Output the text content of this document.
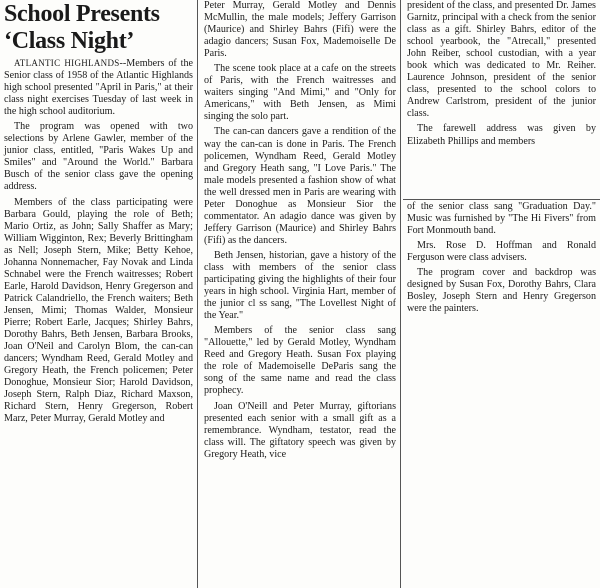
School Presents
‘Class Night’

ATLANTIC HIGHLANDS--Members of the Senior class of 1958 of the Atlantic Highlands high school presented "April in Paris," at their class night exercises Tuesday of last week in the high school auditorium.

The program was opened with two selections by Arlene Gawler, member of the junior class, entitled, "Paris Wakes Up and Smiles" and "Around the World." Barbara Busch of the senior class gave the opening address.

Members of the class participating were Barbara Gould, playing the role of Beth; Mario Ortiz, as John; Sally Shaffer as Mary; William Wigginton, Rex; Beverly Brittingham as Nell; Joseph Stern, Mike; Betty Kehoe, Johanna Nonnemacher, Fay Novak and Linda Schnabel were the French waitresses; Robert Earle, Harold Davidson, Henry Gregerson and Patrick Calandriello, the French waiters; Beth Jensen, Mimi; Thomas Walder, Monsieur Pierre; Robert Earle, Jacques; Shirley Bahrs, Dorothy Bahrs, Beth Jensen, Barbara Brooks, Joan O'Neil and Carolyn Blom, the can-can dancers; Wyndham Reed, Gerald Motley and Gregory Heath, the French policemen; Peter Donoghue, Monsieur Sior; Harold Davidson, Joseph Stern, Ralph Diaz, Richard Maxson, Richard Stern, Henry Gregerson, Robert Marz, Peter Murray, Gerald Motley and

Peter Murray, Gerald Motley and Dennis McMullin, the male models; Jeffery Garrison (Maurice) and Shirley Bahrs (Fifi) were the adagio dancers; Susan Fox, Mademoiselle De Paris.

The scene took place at a cafe on the streets of Paris, with the French waitresses and waiters singing "And Mimi," and "Only for Americans," with Beth Jensen, as Mimi singing the solo part.

The can-can dancers gave a rendition of the way the can-can is done in Paris. The French policemen, Wyndham Reed, Gerald Motley and Gregory Heath sang, "I Love Paris." The male models presented a fashion show of what the well dressed men in Paris are wearing with Peter Donoghue as Monsieur Sior the commentator. An adagio dance was given by Jeffery Garrison (Maurice) and Shirley Bahrs (Fifi) as the dancers.

Beth Jensen, historian, gave a history of the class with members of the senior class participating giving the highlights of their four years in high school. Virginia Hart, member of the junior cl ss sang, "The Lovellest Night of the Year."

Members of the senior class sang "Allouette," led by Gerald Motley, Wyndham Reed and Gregory Heath. Susan Fox playing the role of Mademoiselle DeParis sang the song of the same name and read the class prophecy.

Joan O'Neill and Peter Murray, giftorians presented each senior with a small gift as a remembrance. Wyndham, testator, read the class will. The giftatory speech was given by Gregory Heath, vice

president of the class, and presented Dr. James Garnitz, principal with a check from the senior class as a gift. Shirley Bahrs, editor of the school yearbook, the "Atrecall," presented John Reiber, school custodian, with a year book which was dedicated to Mr. Reiher. Laurence Johnson, president of the senior class, presented to the school colors to Andrew Carlstrom, president of the junior class.

The farewell address was given by Elizabeth Phillips and members

of the senior class sang "Graduation Day." Music was furnished by "The Hi Fivers" from Fort Monmouth band.

Mrs. Rose D. Hoffman and Ronald Ferguson were class advisers.

The program cover and backdrop was designed by Susan Fox, Dorothy Bahrs, Clara Bosley, Joseph Stern and Henry Gregerson were the painters.
